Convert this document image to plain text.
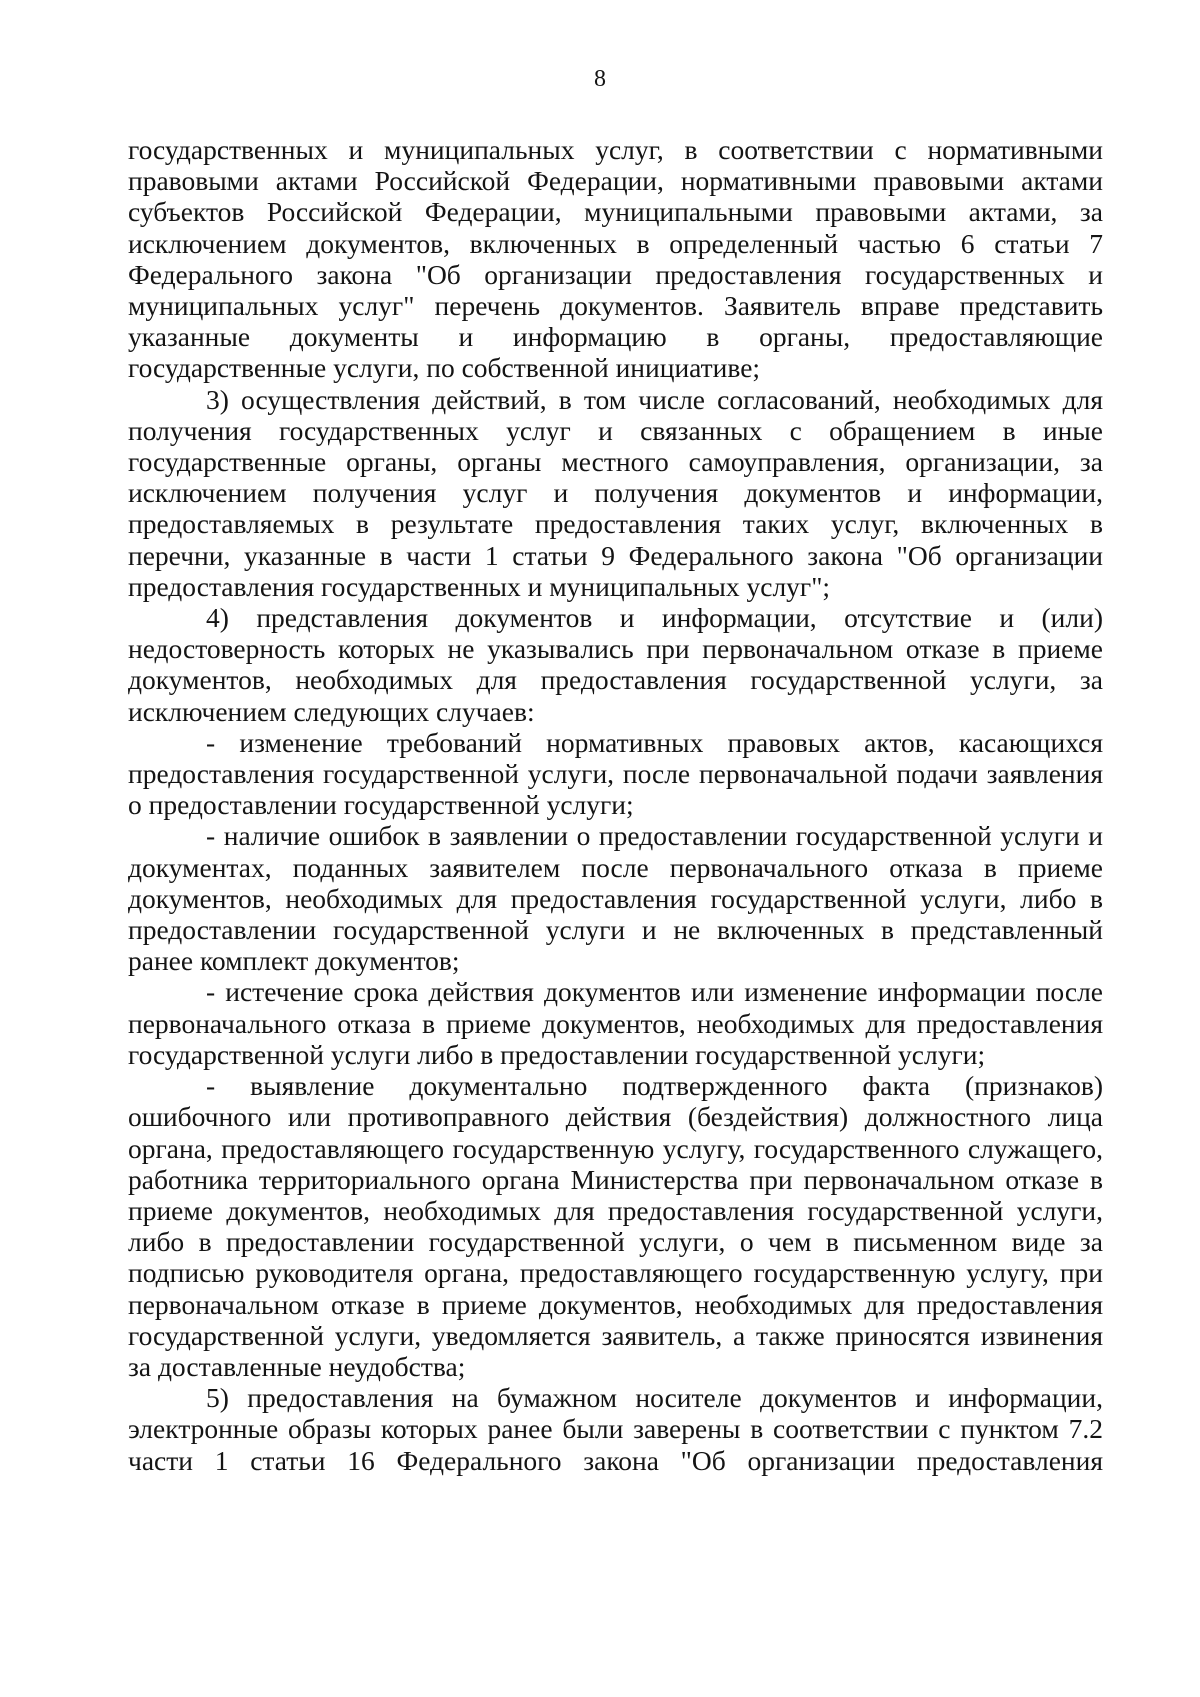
8

государственных и муниципальных услуг, в соответствии с нормативными правовыми актами Российской Федерации, нормативными правовыми актами субъектов Российской Федерации, муниципальными правовыми актами, за исключением документов, включенных в определенный частью 6 статьи 7 Федерального закона "Об организации предоставления государственных и муниципальных услуг" перечень документов. Заявитель вправе представить указанные документы и информацию в органы, предоставляющие государственные услуги, по собственной инициативе;

3) осуществления действий, в том числе согласований, необходимых для получения государственных услуг и связанных с обращением в иные государственные органы, органы местного самоуправления, организации, за исключением получения услуг и получения документов и информации, предоставляемых в результате предоставления таких услуг, включенных в перечни, указанные в части 1 статьи 9 Федерального закона "Об организации предоставления государственных и муниципальных услуг";

4) представления документов и информации, отсутствие и (или) недостоверность которых не указывались при первоначальном отказе в приеме документов, необходимых для предоставления государственной услуги, за исключением следующих случаев:

- изменение требований нормативных правовых актов, касающихся предоставления государственной услуги, после первоначальной подачи заявления о предоставлении государственной услуги;

- наличие ошибок в заявлении о предоставлении государственной услуги и документах, поданных заявителем после первоначального отказа в приеме документов, необходимых для предоставления государственной услуги, либо в предоставлении государственной услуги и не включенных в представленный ранее комплект документов;

- истечение срока действия документов или изменение информации после первоначального отказа в приеме документов, необходимых для предоставления государственной услуги либо в предоставлении государственной услуги;

- выявление документально подтвержденного факта (признаков) ошибочного или противоправного действия (бездействия) должностного лица органа, предоставляющего государственную услугу, государственного служащего, работника территориального органа Министерства при первоначальном отказе в приеме документов, необходимых для предоставления государственной услуги, либо в предоставлении государственной услуги, о чем в письменном виде за подписью руководителя органа, предоставляющего государственную услугу, при первоначальном отказе в приеме документов, необходимых для предоставления государственной услуги, уведомляется заявитель, а также приносятся извинения за доставленные неудобства;

5) предоставления на бумажном носителе документов и информации, электронные образы которых ранее были заверены в соответствии с пунктом 7.2 части 1 статьи 16 Федерального закона "Об организации предоставления
